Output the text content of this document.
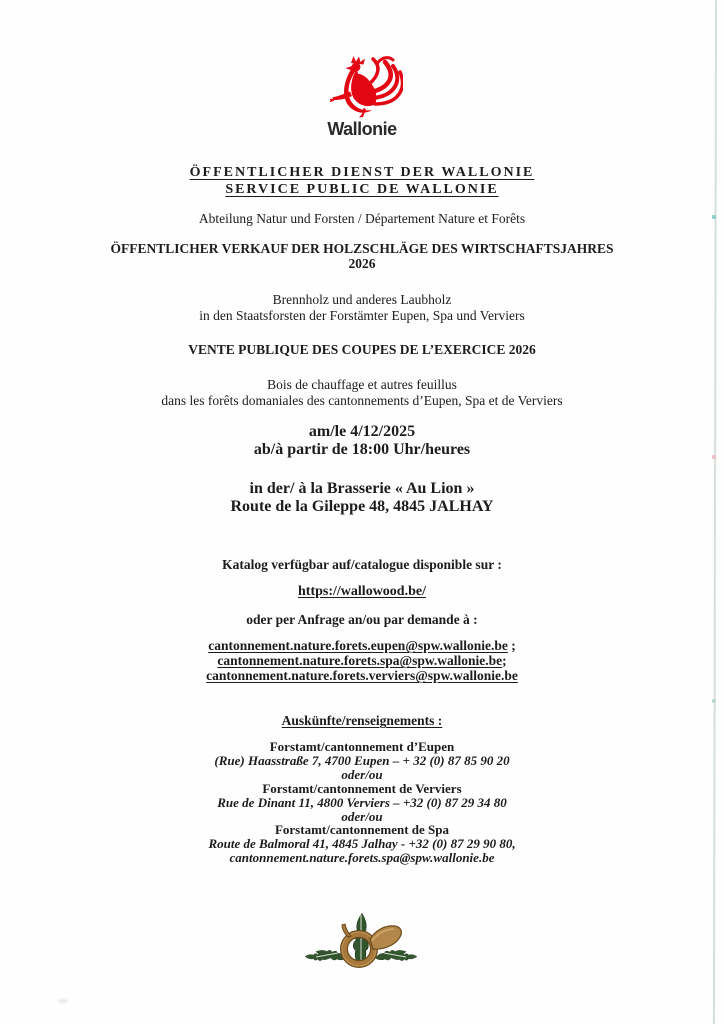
Wallonie
ÖFFENTLICHER DIENST DER WALLONIE
SERVICE PUBLIC DE WALLONIE
Abteilung Natur und Forsten / Département Nature et Forêts
ÖFFENTLICHER VERKAUF DER HOLZSCHLÄGE DES WIRTSCHAFTSJAHRES
2026
Brennholz und anderes Laubholz
in den Staatsforsten der Forstämter Eupen, Spa und Verviers
VENTE PUBLIQUE DES COUPES DE L’EXERCICE 2026
Bois de chauffage et autres feuillus
dans les forêts domaniales des cantonnements d’Eupen, Spa et de Verviers
am/le 4/12/2025
ab/à partir de 18:00 Uhr/heures
in der/ à la Brasserie « Au Lion »
Route de la Gileppe 48, 4845 JALHAY
Katalog verfügbar auf/catalogue disponible sur :
https://wallowood.be/
oder per Anfrage an/ou par demande à :
cantonnement.nature.forets.eupen@spw.wallonie.be ;
cantonnement.nature.forets.spa@spw.wallonie.be;
cantonnement.nature.forets.verviers@spw.wallonie.be
Auskünfte/renseignements :
Forstamt/cantonnement d’Eupen
(Rue) Haasstraße 7, 4700 Eupen – + 32 (0) 87 85 90 20
oder/ou
Forstamt/cantonnement de Verviers
Rue de Dinant 11, 4800 Verviers – +32 (0) 87 29 34 80
oder/ou
Forstamt/cantonnement de Spa
Route de Balmoral 41, 4845 Jalhay - +32 (0) 87 29 90 80,
cantonnement.nature.forets.spa@spw.wallonie.be
